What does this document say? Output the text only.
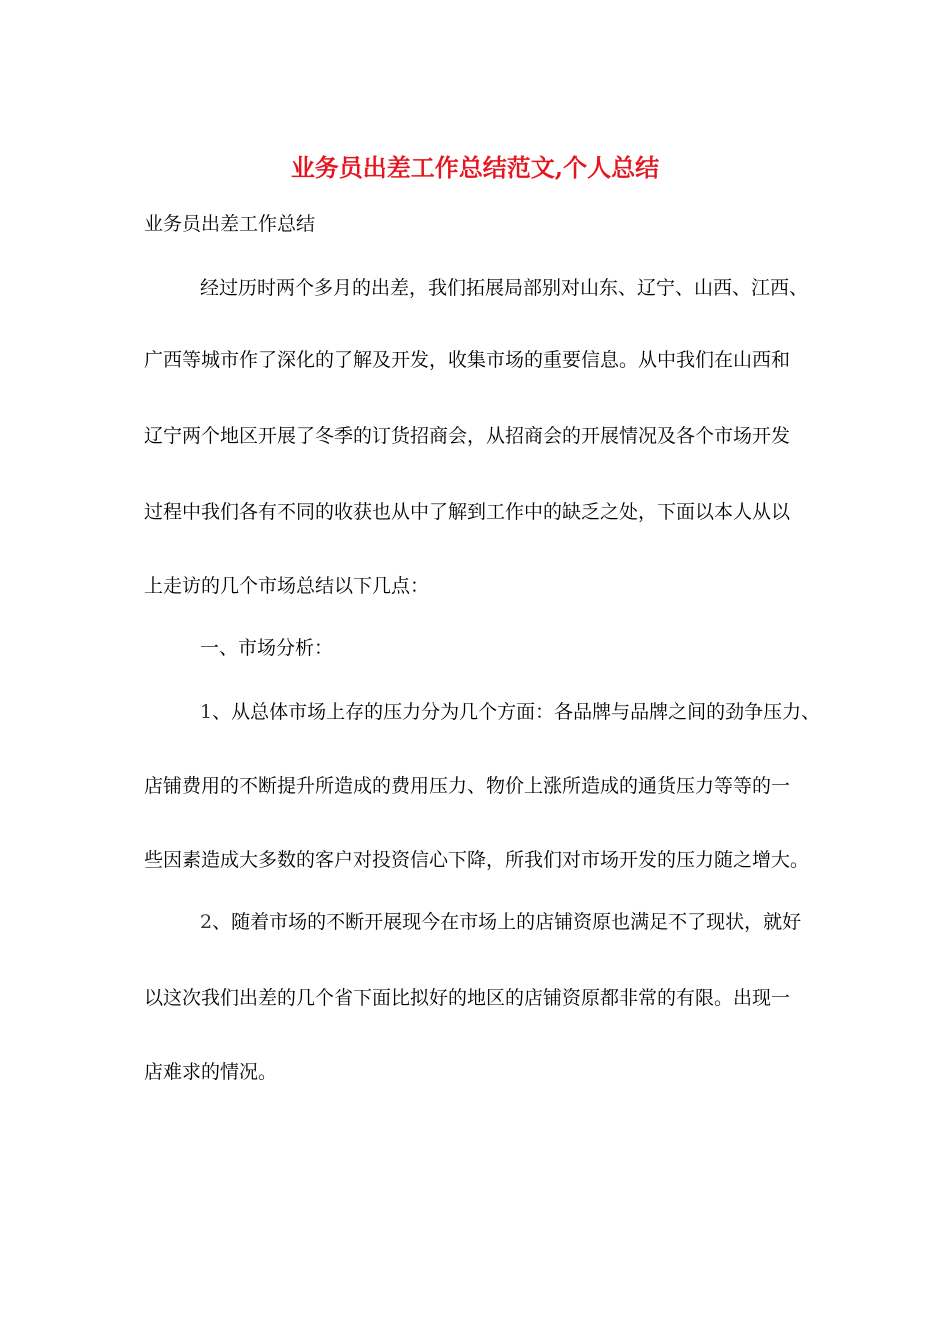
业务员出差工作总结范文,个人总结
业务员出差工作总结
经过历时两个多月的出差，我们拓展局部别对山东、辽宁、山西、江西、
广西等城市作了深化的了解及开发，收集市场的重要信息。从中我们在山西和
辽宁两个地区开展了冬季的订货招商会，从招商会的开展情况及各个市场开发
过程中我们各有不同的收获也从中了解到工作中的缺乏之处，下面以本人从以
上走访的几个市场总结以下几点：
一、市场分析：
1、从总体市场上存的压力分为几个方面：各品牌与品牌之间的劲争压力、
店铺费用的不断提升所造成的费用压力、物价上涨所造成的通货压力等等的一
些因素造成大多数的客户对投资信心下降，所我们对市场开发的压力随之增大。
2、随着市场的不断开展现今在市场上的店铺资原也满足不了现状，就好
以这次我们出差的几个省下面比拟好的地区的店铺资原都非常的有限。出现一
店难求的情况。
